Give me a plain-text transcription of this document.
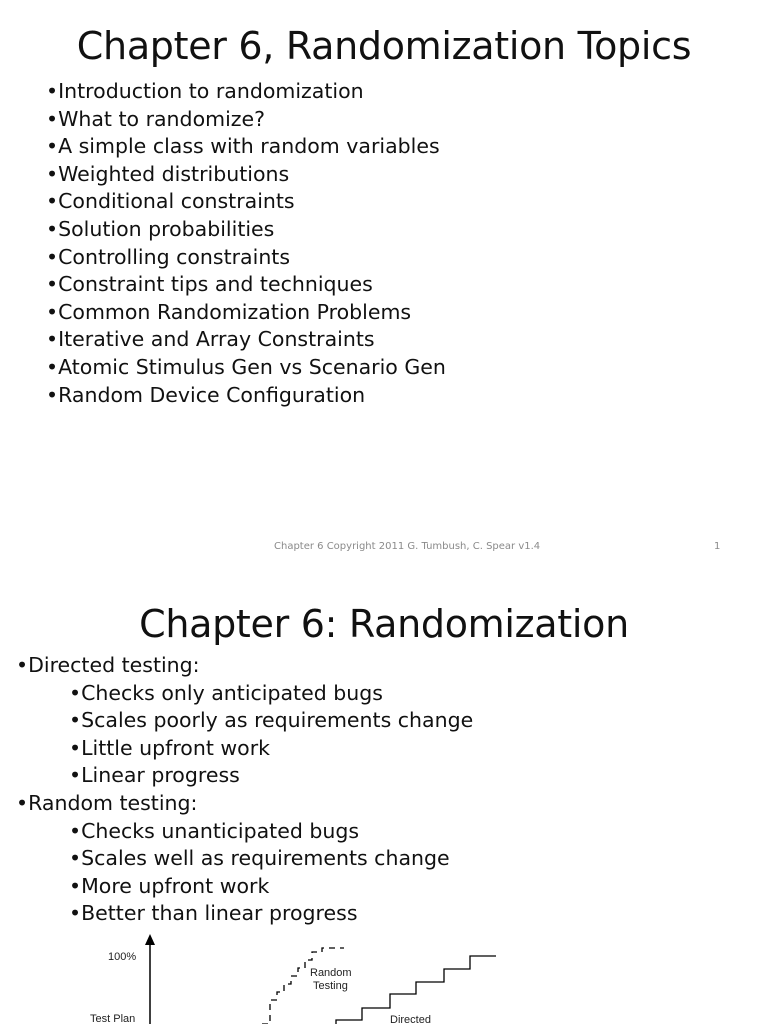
Chapter 6, Randomization Topics
•Introduction to randomization
•What to randomize?
•A simple class with random variables
•Weighted distributions
•Conditional constraints
•Solution probabilities
•Controlling constraints
•Constraint tips and techniques
•Common Randomization Problems
•Iterative and Array Constraints
•Atomic Stimulus Gen vs Scenario Gen
•Random Device Configuration
Chapter 6 Copyright 2011 G. Tumbush, C. Spear v1.4	1
Chapter 6: Randomization
•Directed testing:
•Checks only anticipated bugs
•Scales poorly as requirements change
•Little upfront work
•Linear progress
•Random testing:
•Checks unanticipated bugs
•Scales well as requirements change
•More upfront work
•Better than linear progress
100%
Test Plan
Random
Testing
Directed
